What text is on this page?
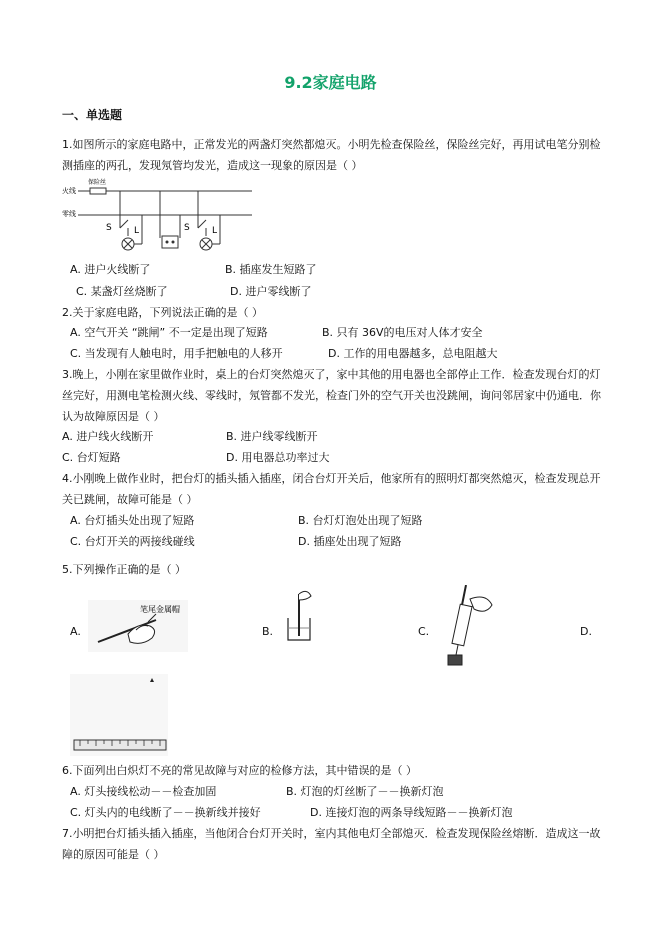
9.2家庭电路
一、单选题
1.如图所示的家庭电路中，正常发光的两盏灯突然都熄灭。小明先检查保险丝，保险丝完好，再用试电笔分别检测插座的两孔，发现氖管均发光，造成这一现象的原因是（ ）
火线
零线
保险丝
S L	S L
A. 进户火线断了	B. 插座发生短路了
C. 某盏灯丝烧断了	D. 进户零线断了
2.关于家庭电路，下列说法正确的是（ ）
A. 空气开关 “跳闸” 不一定是出现了短路	B. 只有 36V的电压对人体才安全
C. 当发现有人触电时，用手把触电的人移开	D. 工作的用电器越多，总电阻越大
3.晚上，小刚在家里做作业时，桌上的台灯突然熄灭了，家中其他的用电器也全部停止工作．检查发现台灯的灯丝完好，用测电笔检测火线、零线时，氖管都不发光，检查门外的空气开关也没跳闸，询问邻居家中仍通电．你认为故障原因是（ ）
A. 进户线火线断开	B. 进户线零线断开
C. 台灯短路	D. 用电器总功率过大
4.小刚晚上做作业时，把台灯的插头插入插座，闭合台灯开关后，他家所有的照明灯都突然熄灭，检查发现总开关已跳闸，故障可能是（ ）
A. 台灯插头处出现了短路	B. 台灯灯泡处出现了短路
C. 台灯开关的两接线碰线	D. 插座处出现了短路
5.下列操作正确的是（ ）
A.
笔尾金属帽
B.	C.	D.
6.下面列出白炽灯不亮的常见故障与对应的检修方法，其中错误的是（ ）
A. 灯头接线松动－－检查加固	B. 灯泡的灯丝断了－－换新灯泡
C. 灯头内的电线断了－－换新线并接好	D. 连接灯泡的两条导线短路－－换新灯泡
7.小明把台灯插头插入插座，当他闭合台灯开关时，室内其他电灯全部熄灭．检查发现保险丝熔断．造成这一故障的原因可能是（ ）
